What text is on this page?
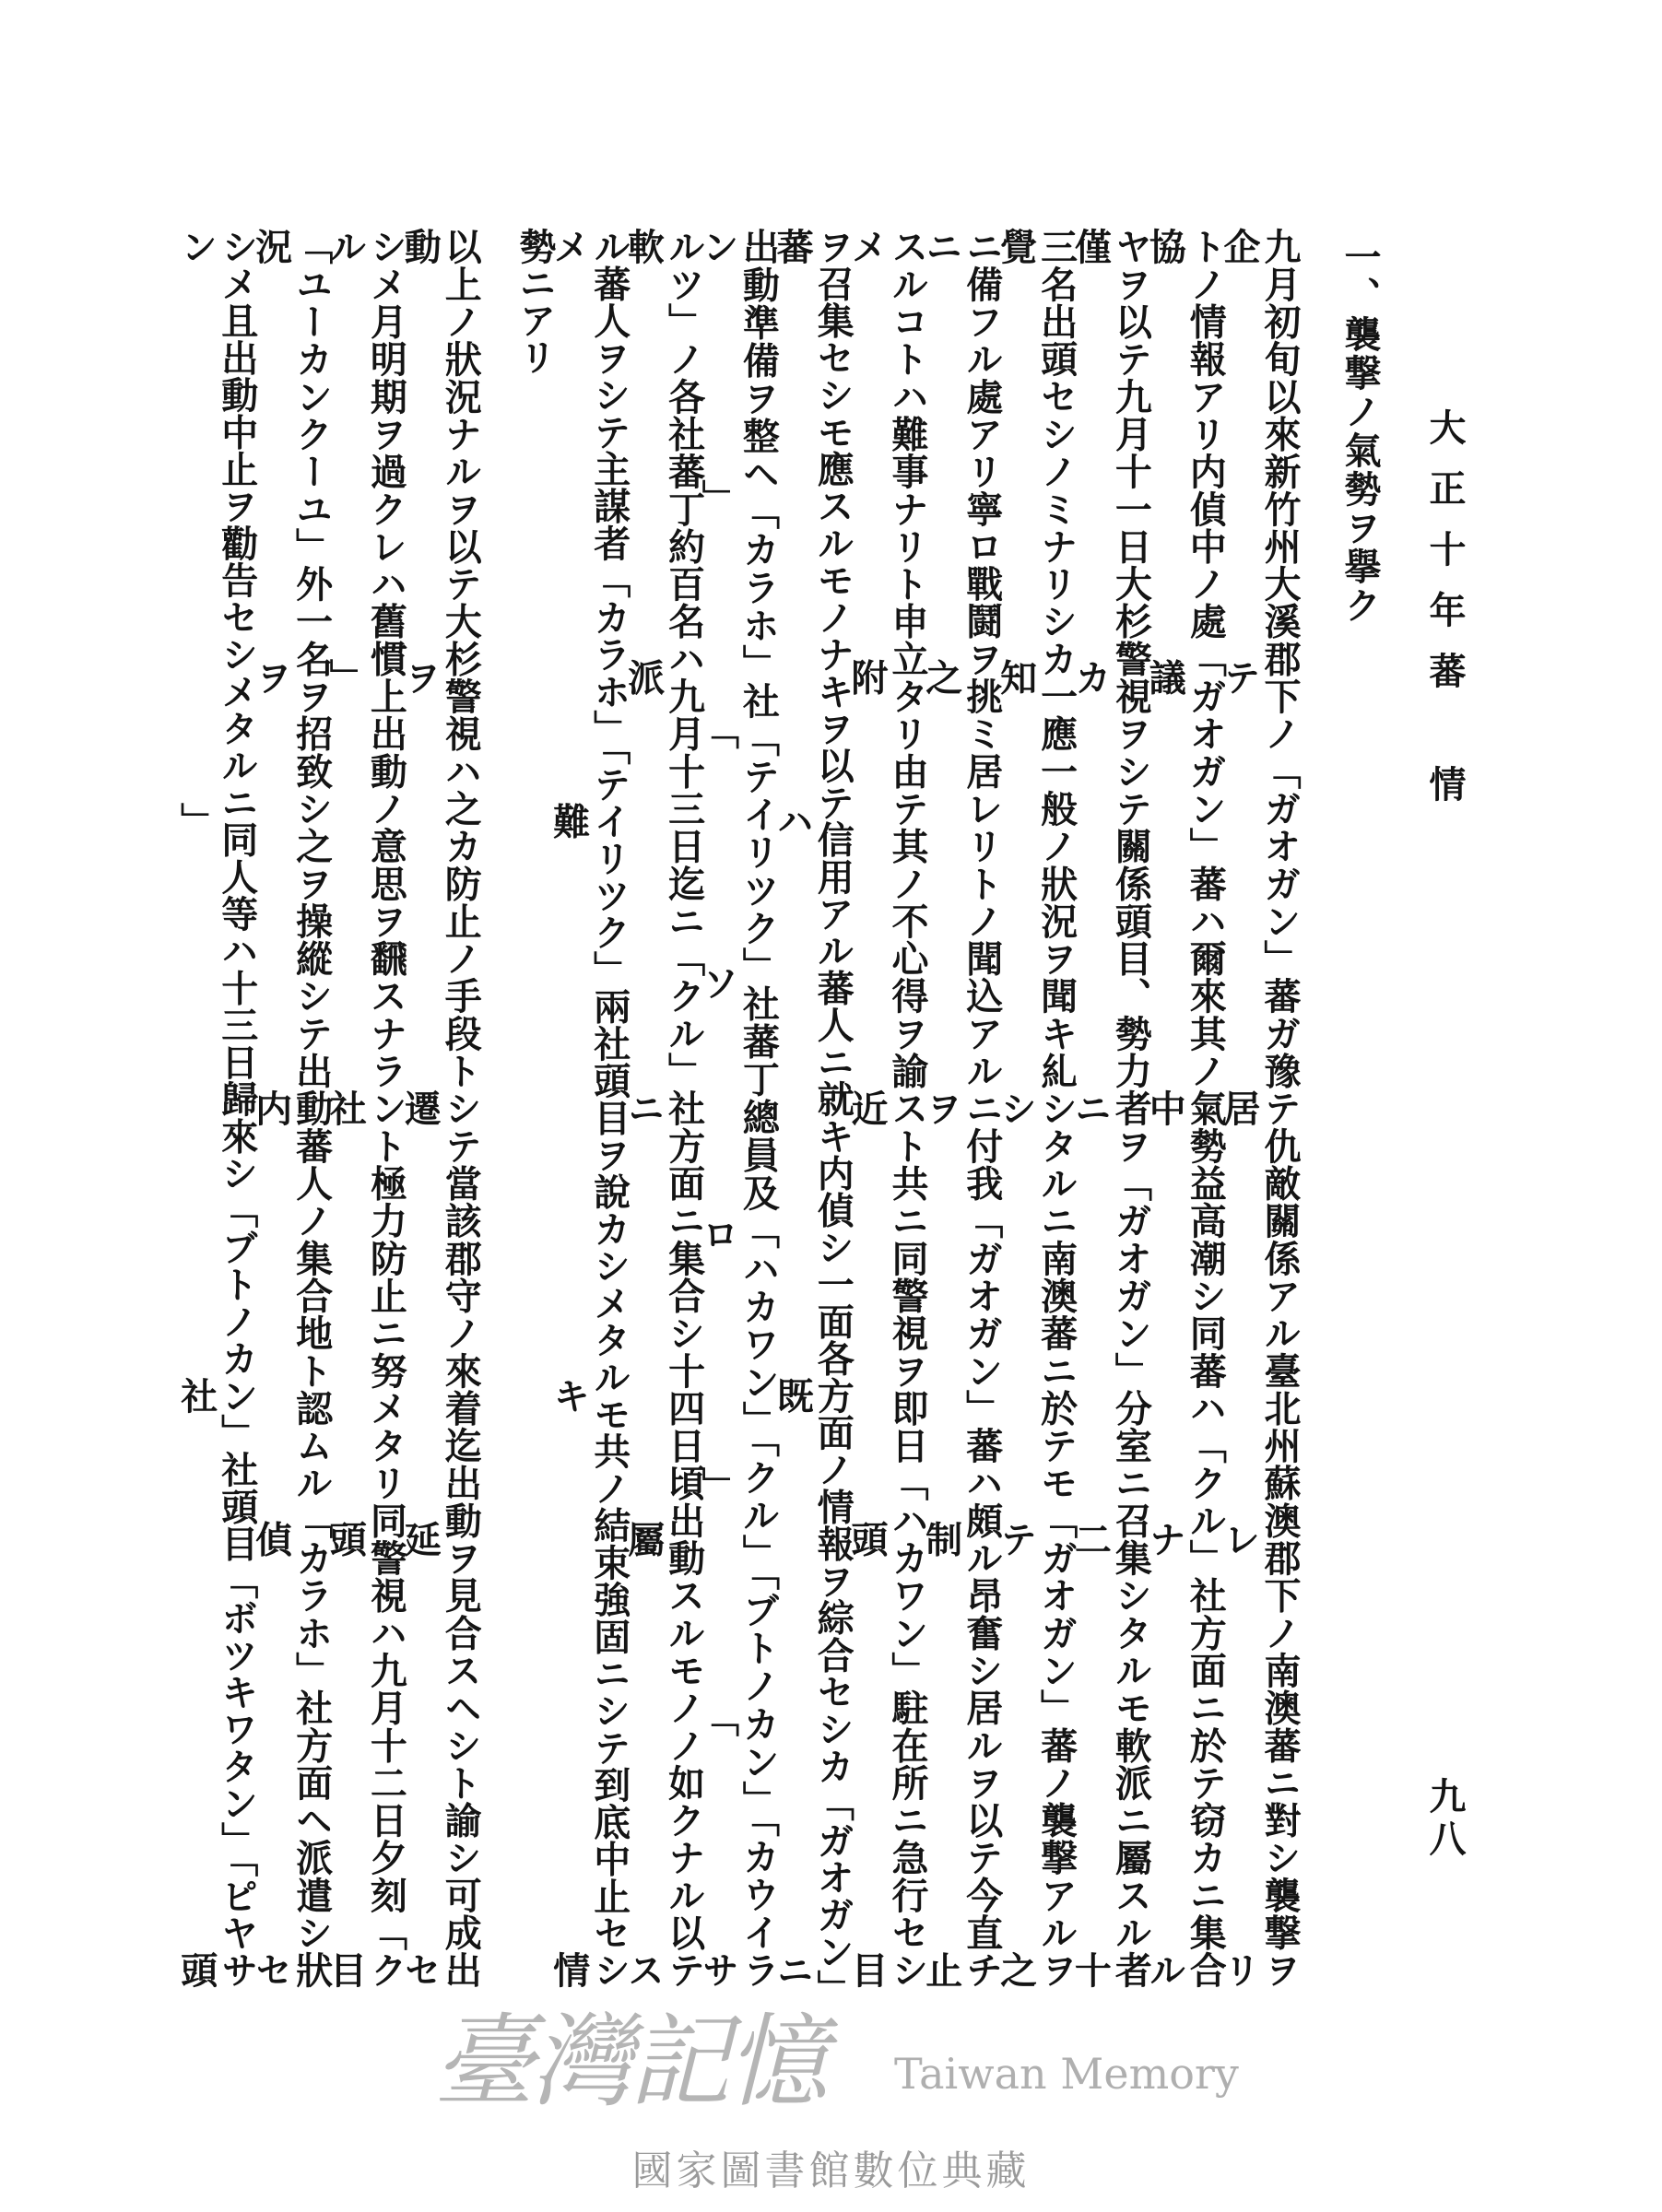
大正十年蕃
情
九八
一、襲撃ノ氣勢ヲ擧ク
九月初旬以來新竹州大溪郡下ノ「ガオガン」蕃ガ豫テ仇敵關係アル臺北州蘇澳郡下ノ南澳蕃ニ對シ襲撃ヲ企テ居レリ
トノ情報アリ内偵中ノ處「ガオガン」蕃ハ爾來其ノ氣勢益高潮シ同蕃ハ「クル」社方面ニ於テ窃カニ集合協議中ナル
ヤヲ以テ九月十一日大杉警視ヲシテ關係頭目、勢力者ヲ「ガオガン」分室ニ召集シタルモ軟派ニ屬スル者僅カニ二十
三名出頭セシノミナリシカ一應一般ノ狀況ヲ聞キ糺シタルニ南澳蕃ニ於テモ「ガオガン」蕃ノ襲撃アルヲ覺知シテ之
ニ備フル處アリ寧ロ戰鬪ヲ挑ミ居レリトノ聞込アルニ付我「ガオガン」蕃ハ頗ル昂奮シ居ルヲ以テ今直チニ之ヲ制止
スルコトハ難事ナリト申立タリ由テ其ノ不心得ヲ諭スト共ニ同警視ヲ即日「ハカワン」駐在所ニ急行セシメ附近頭目
ヲ召集セシモ應スルモノナキヲ以テ信用アル蕃人ニ就キ内偵シ一面各方面ノ情報ヲ綜合セシカ「ガオガン」蕃ハ既ニ
出動準備ヲ整ヘ「カラホ」社「テイリツク」社蕃丁總員及「ハカワン」「クル」「ブトノカン」「カウイラン」「ソロ」「サ
ルツ」ノ各社蕃丁約百名ハ九月十三日迄ニ「クル」社方面ニ集合シ十四日頃出動スルモノノ如クナル以テ軟派ニ屬ス
ル蕃人ヲシテ主謀者「カラホ」「テイリツク」兩社頭目ヲ說カシメタルモ共ノ結束強固ニシテ到底中止セシメ難キ情
勢ニアリ
以上ノ狀況ナルヲ以テ大杉警視ハ之カ防止ノ手段トシテ當該郡守ノ來着迄出動ヲ見合スヘシト諭シ可成出動ヲ遷延セ
シメ月明期ヲ過クレハ舊慣上出動ノ意思ヲ飜スナラント極力防止ニ努メタリ同警視ハ九月十二日夕刻「クル」社頭目
「ユーカンクーユ」外一名ヲ招致シ之ヲ操縱シテ出動蕃人ノ集合地ト認ムル「カラホ」社方面ヘ派遣シ狀況ヲ内偵セ
シメ且出動中止ヲ勸告セシメタルニ同人等ハ十三日歸來シ「ブトノカン」社頭目「ボツキワタン」「ピヤサン」社頭
臺灣記憶 Taiwan Memory
國家圖書館數位典藏
